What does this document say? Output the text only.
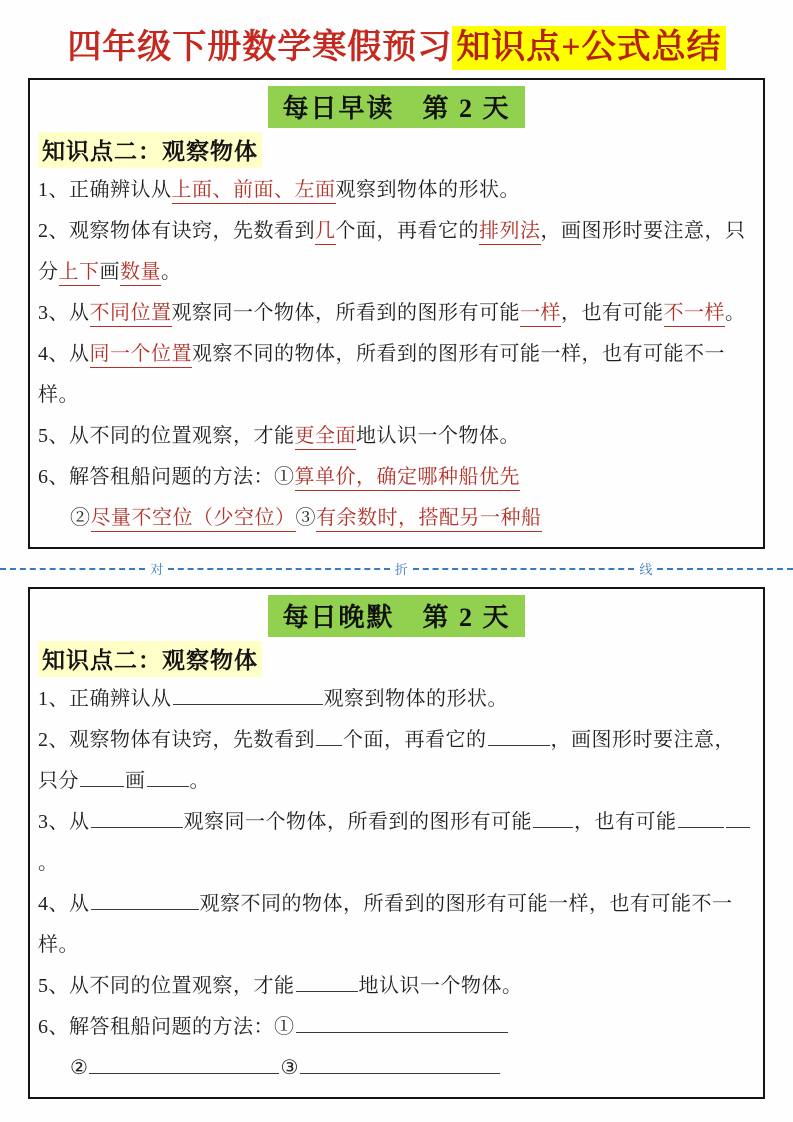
四年级下册数学寒假预习 知识点+公式总结
每日早读　第 2 天
知识点二：观察物体

1、正确辨认从上面、前面、左面观察到物体的形状。

2、观察物体有诀窍，先数看到几个面，再看它的排列法，画图形时要注意，只分上下画数量。

3、从不同位置观察同一个物体，所看到的图形有可能一样，也有可能不一样。

4、从同一个位置观察不同的物体，所看到的图形有可能一样，也有可能不一样。

5、从不同的位置观察，才能更全面地认识一个物体。

6、解答租船问题的方法：①算单价，确定哪种船优先

②尽量不空位（少空位）③有余数时，搭配另一种船

对	折	线
每日晚默　第 2 天
知识点二：观察物体

1、正确辨认从	观察到物体的形状。

2、观察物体有诀窍，先数看到 个面，再看它的	，画图形时要注意，只分 画 。

3、从	观察同一个物体，所看到的图形有可能 ，也有可能。

4、从	观察不同的物体，所看到的图形有可能一样，也有可能不一样。

5、从不同的位置观察，才能	地认识一个物体。

6、解答租船问题的方法：①

②	③
